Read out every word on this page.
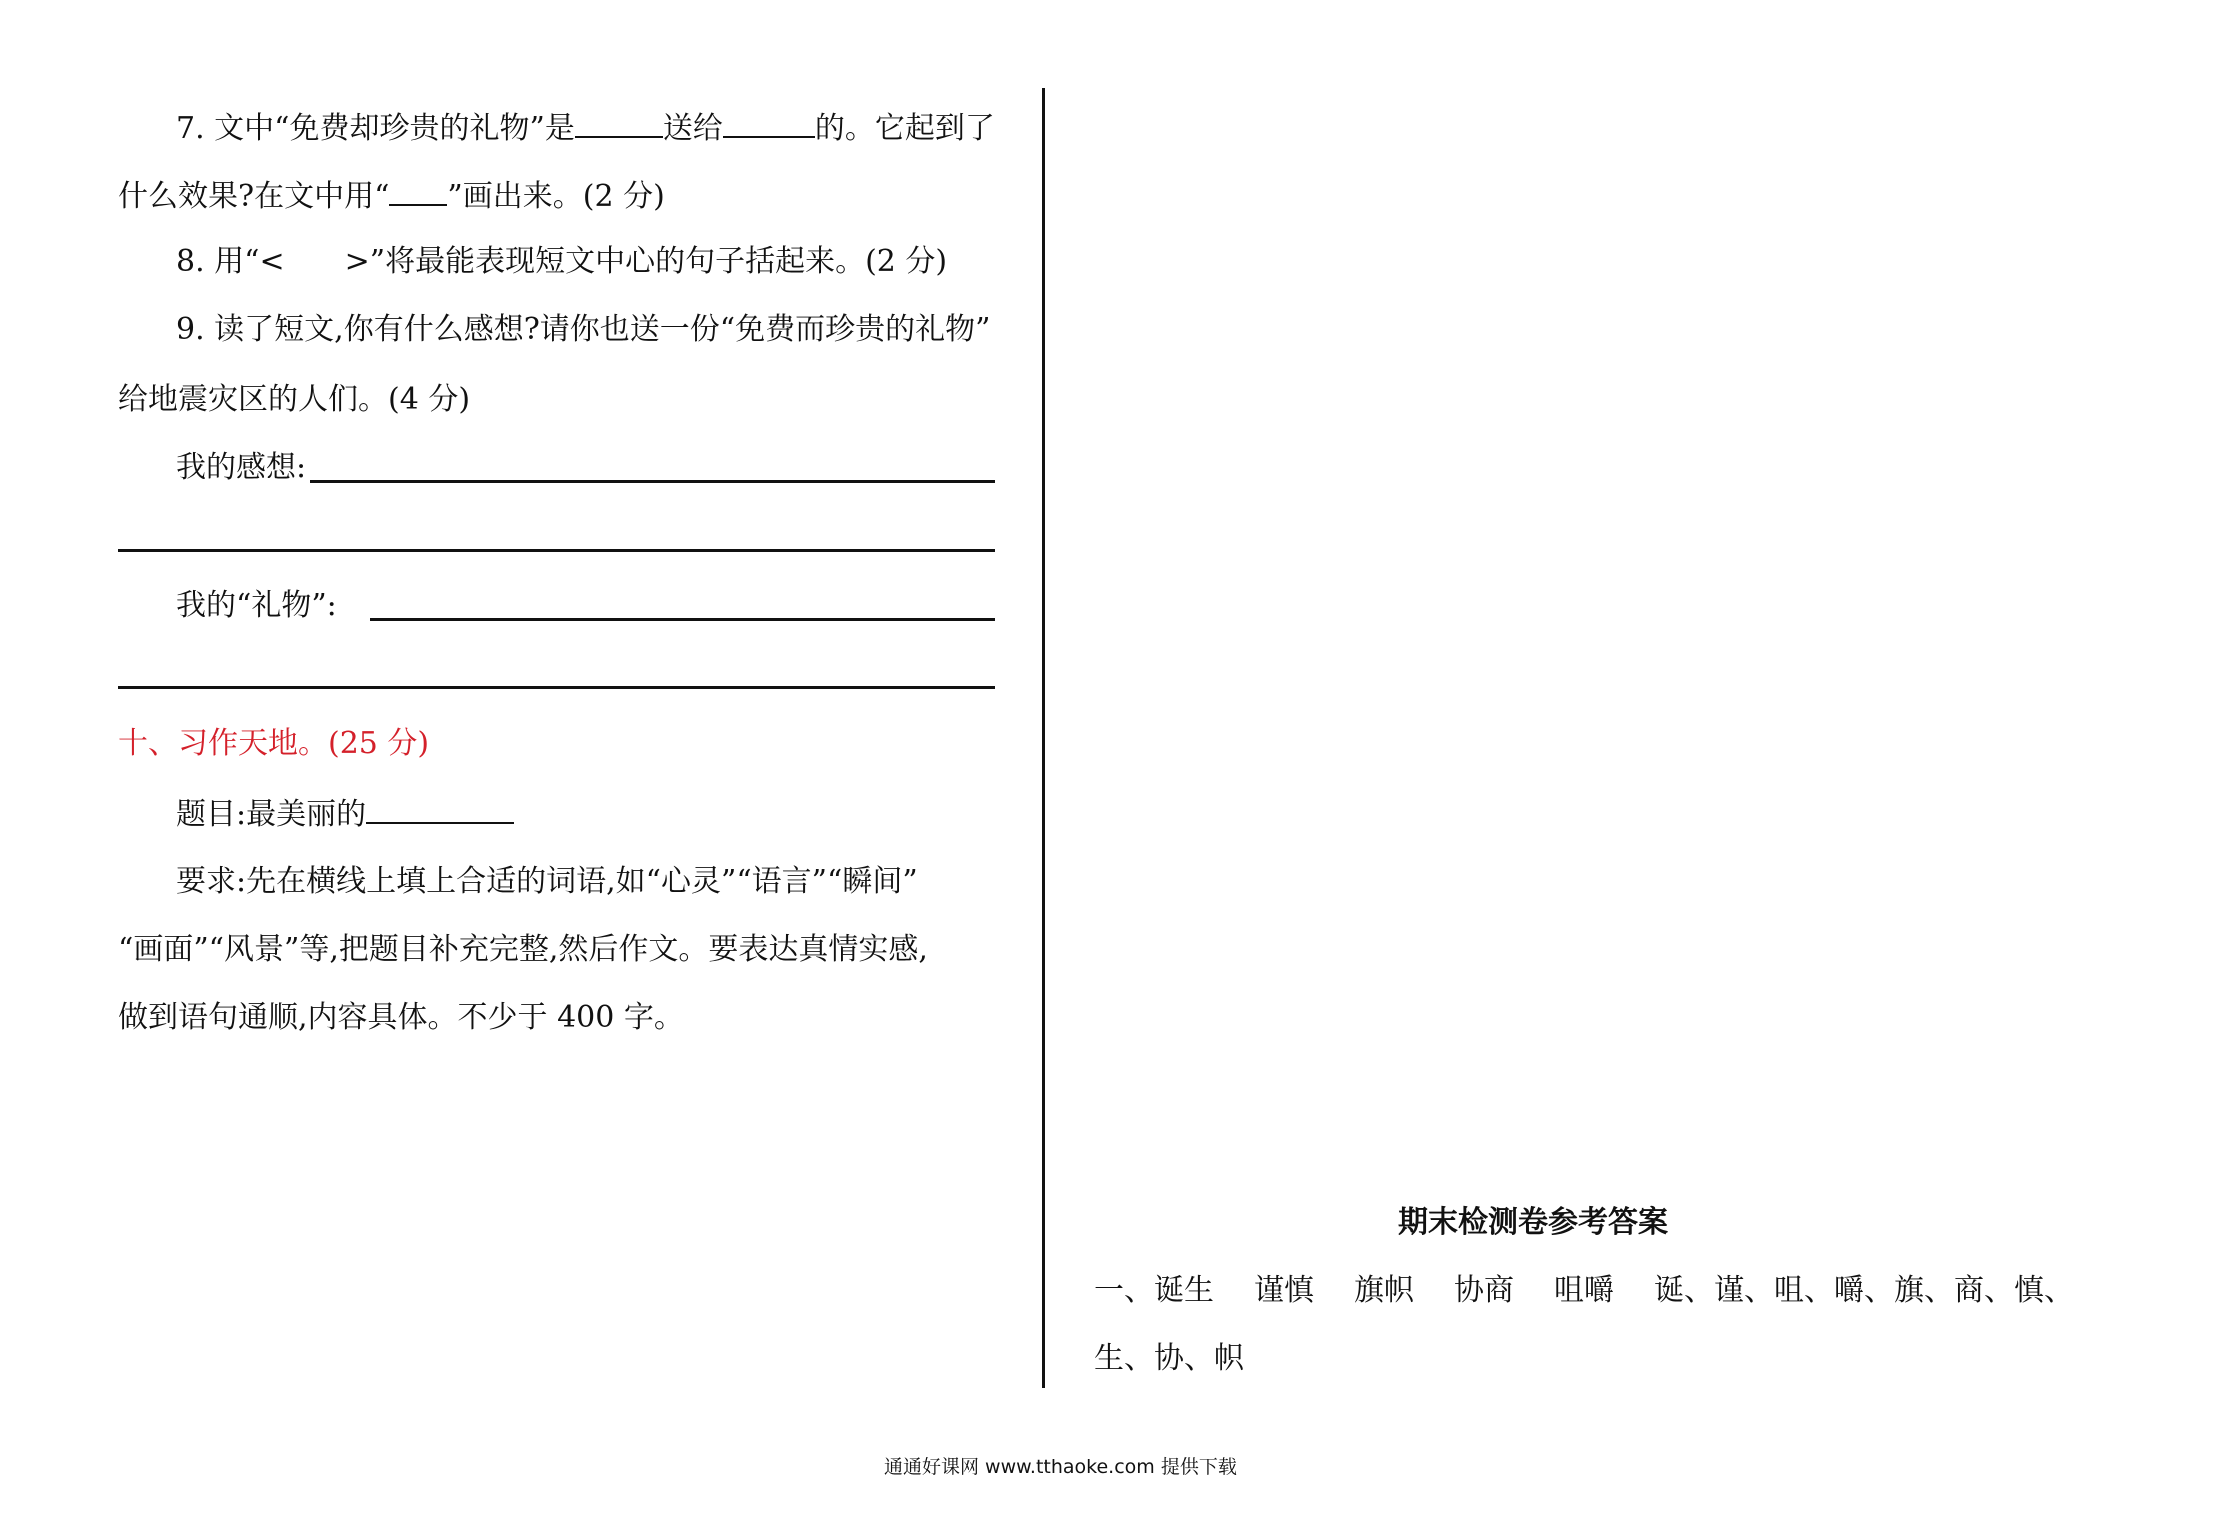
7. 文中“免费却珍贵的礼物”是	送给	的。它起到了
什么效果?在文中用“ ”画出来。(2 分)
8. 用“<　　>”将最能表现短文中心的句子括起来。(2 分)
9. 读了短文,你有什么感想?请你也送一份“免费而珍贵的礼物”
给地震灾区的人们。(4 分)
我的感想:
我的“礼物”:
十、习作天地。(25 分)
题目:最美丽的
要求:先在横线上填上合适的词语,如“心灵”“语言”“瞬间”
“画面”“风景”等,把题目补充完整,然后作文。要表达真情实感,
做到语句通顺,内容具体。不少于 400 字。
期末检测卷参考答案
一、诞生 谨慎 旗帜 协商 咀嚼 诞、谨、咀、嚼、旗、商、慎、
生、协、帜
通通好课网 www.tthaoke.com 提供下载
